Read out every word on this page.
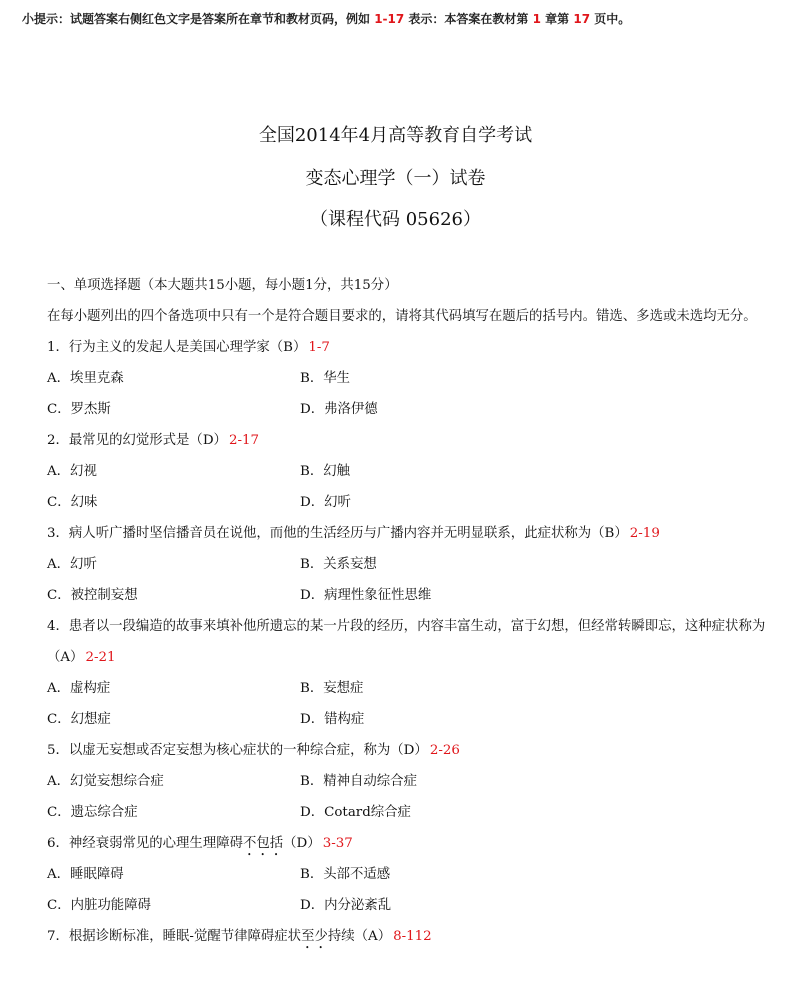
小提示：试题答案右侧红色文字是答案所在章节和教材页码，例如 1-17 表示：本答案在教材第 1 章第 17 页中。
全国2014年4月高等教育自学考试
变态心理学（一）试卷
（课程代码 05626）
一、单项选择题（本大题共15小题，每小题1分，共15分）
在每小题列出的四个备选项中只有一个是符合题目要求的，请将其代码填写在题后的括号内。错选、多选或未选均无分。
1．行为主义的发起人是美国心理学家（B） 1-7
A．埃里克森	B．华生
C．罗杰斯	D．弗洛伊德
2．最常见的幻觉形式是（D） 2-17
A．幻视	B．幻触
C．幻味	D．幻听
3．病人听广播时坚信播音员在说他，而他的生活经历与广播内容并无明显联系，此症状称为（B） 2-19
A．幻听	B．关系妄想
C．被控制妄想	D．病理性象征性思维
4．患者以一段编造的故事来填补他所遗忘的某一片段的经历，内容丰富生动，富于幻想，但经常转瞬即忘，这种症状称为（A） 2-21
A．虚构症	B．妄想症
C．幻想症	D．错构症
5．以虚无妄想或否定妄想为核心症状的一种综合症，称为（D） 2-26
A．幻觉妄想综合症	B．精神自动综合症
C．遗忘综合症	D．Cotard综合症
6．神经衰弱常见的心理生理障碍不包括（D） 3-37
A．睡眠障碍	B．头部不适感
C．内脏功能障碍	D．内分泌紊乱
7．根据诊断标准，睡眠-觉醒节律障碍症状至少持续（A） 8-112
